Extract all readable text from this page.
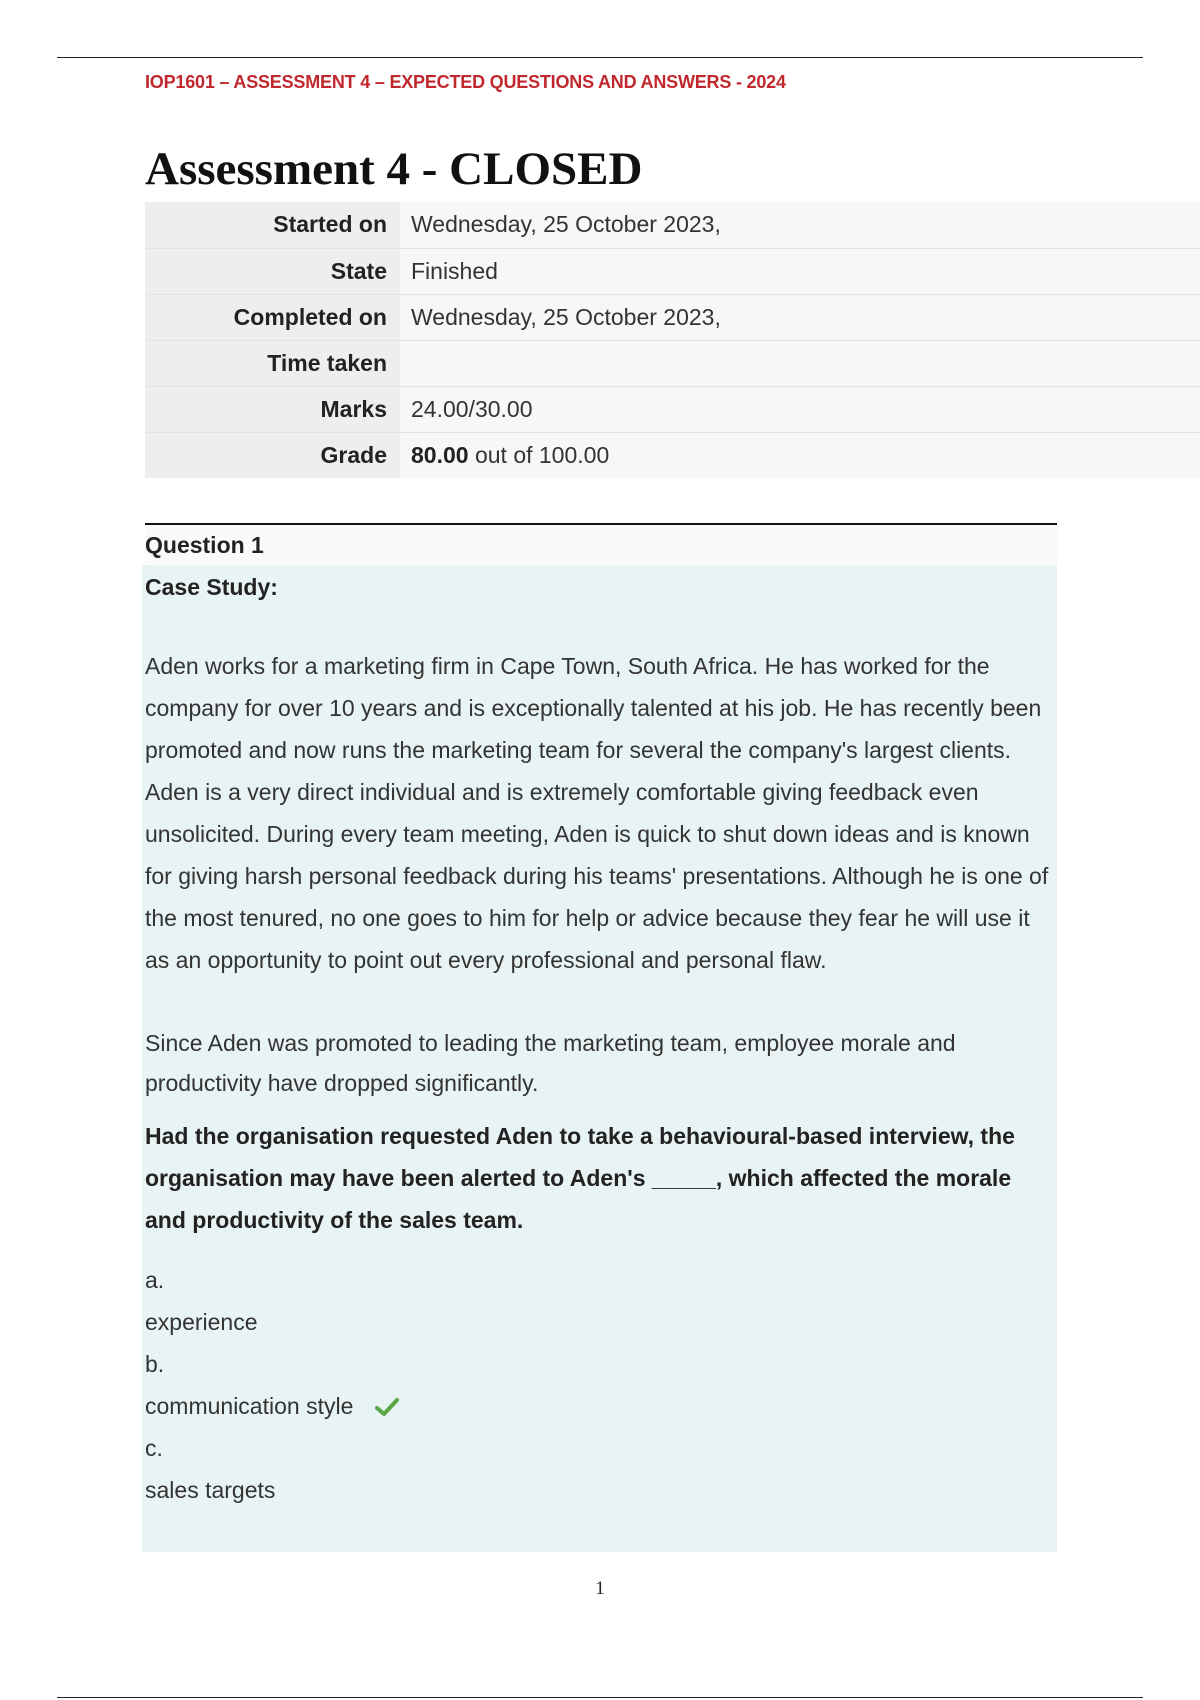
IOP1601 – ASSESSMENT 4 – EXPECTED QUESTIONS AND ANSWERS - 2024
Assessment 4 - CLOSED
Started on	Wednesday, 25 October 2023,
State	Finished
Completed on	Wednesday, 25 October 2023,
Time taken	
Marks	24.00/30.00
Grade	80.00 out of 100.00
Question 1
Case Study:

Aden works for a marketing firm in Cape Town, South Africa. He has worked for the company for over 10 years and is exceptionally talented at his job. He has recently been promoted and now runs the marketing team for several the company's largest clients. Aden is a very direct individual and is extremely comfortable giving feedback even unsolicited. During every team meeting, Aden is quick to shut down ideas and is known for giving harsh personal feedback during his teams' presentations. Although he is one of the most tenured, no one goes to him for help or advice because they fear he will use it as an opportunity to point out every professional and personal flaw.

Since Aden was promoted to leading the marketing team, employee morale and productivity have dropped significantly.

Had the organisation requested Aden to take a behavioural-based interview, the organisation may have been alerted to Aden's _____, which affected the morale and productivity of the sales team.
a.
experience
b.
communication style
c.
sales targets
1
